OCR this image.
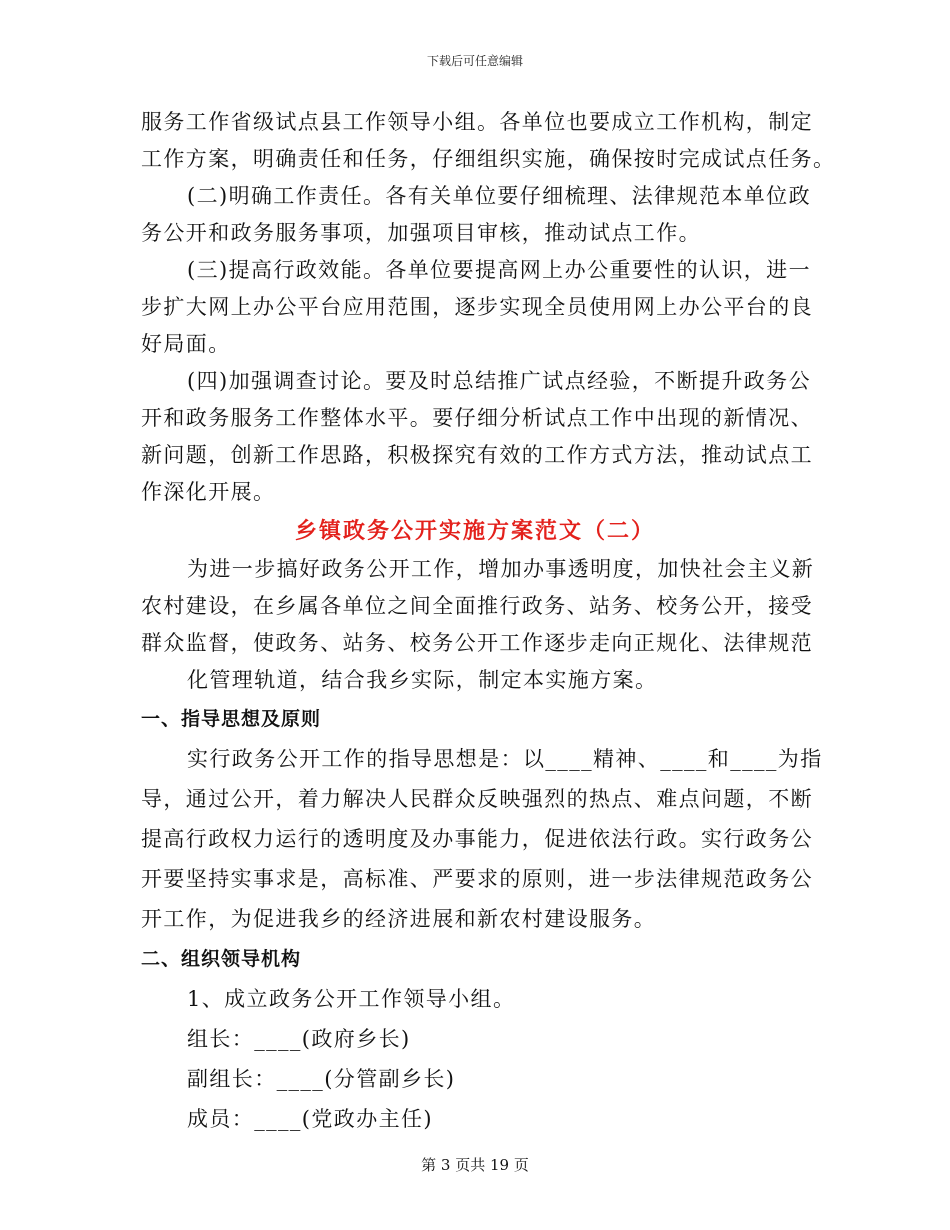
下载后可任意编辑
服务工作省级试点县工作领导小组。各单位也要成立工作机构，制定
工作方案，明确责任和任务，仔细组织实施，确保按时完成试点任务。
(二)明确工作责任。各有关单位要仔细梳理、法律规范本单位政
务公开和政务服务事项，加强项目审核，推动试点工作。
(三)提高行政效能。各单位要提高网上办公重要性的认识，进一
步扩大网上办公平台应用范围，逐步实现全员使用网上办公平台的良
好局面。
(四)加强调查讨论。要及时总结推广试点经验，不断提升政务公
开和政务服务工作整体水平。要仔细分析试点工作中出现的新情况、
新问题，创新工作思路，积极探究有效的工作方式方法，推动试点工
作深化开展。
乡镇政务公开实施方案范文（二）
为进一步搞好政务公开工作，增加办事透明度，加快社会主义新
农村建设，在乡属各单位之间全面推行政务、站务、校务公开，接受
群众监督，使政务、站务、校务公开工作逐步走向正规化、法律规范
化管理轨道，结合我乡实际，制定本实施方案。
一、指导思想及原则
实行政务公开工作的指导思想是：以____精神、____和____为指
导，通过公开，着力解决人民群众反映强烈的热点、难点问题，不断
提高行政权力运行的透明度及办事能力，促进依法行政。实行政务公
开要坚持实事求是，高标准、严要求的原则，进一步法律规范政务公
开工作，为促进我乡的经济进展和新农村建设服务。
二、组织领导机构
1、成立政务公开工作领导小组。
组长：____(政府乡长)
副组长：____(分管副乡长)
成员：____(党政办主任)
第 3 页共 19 页
